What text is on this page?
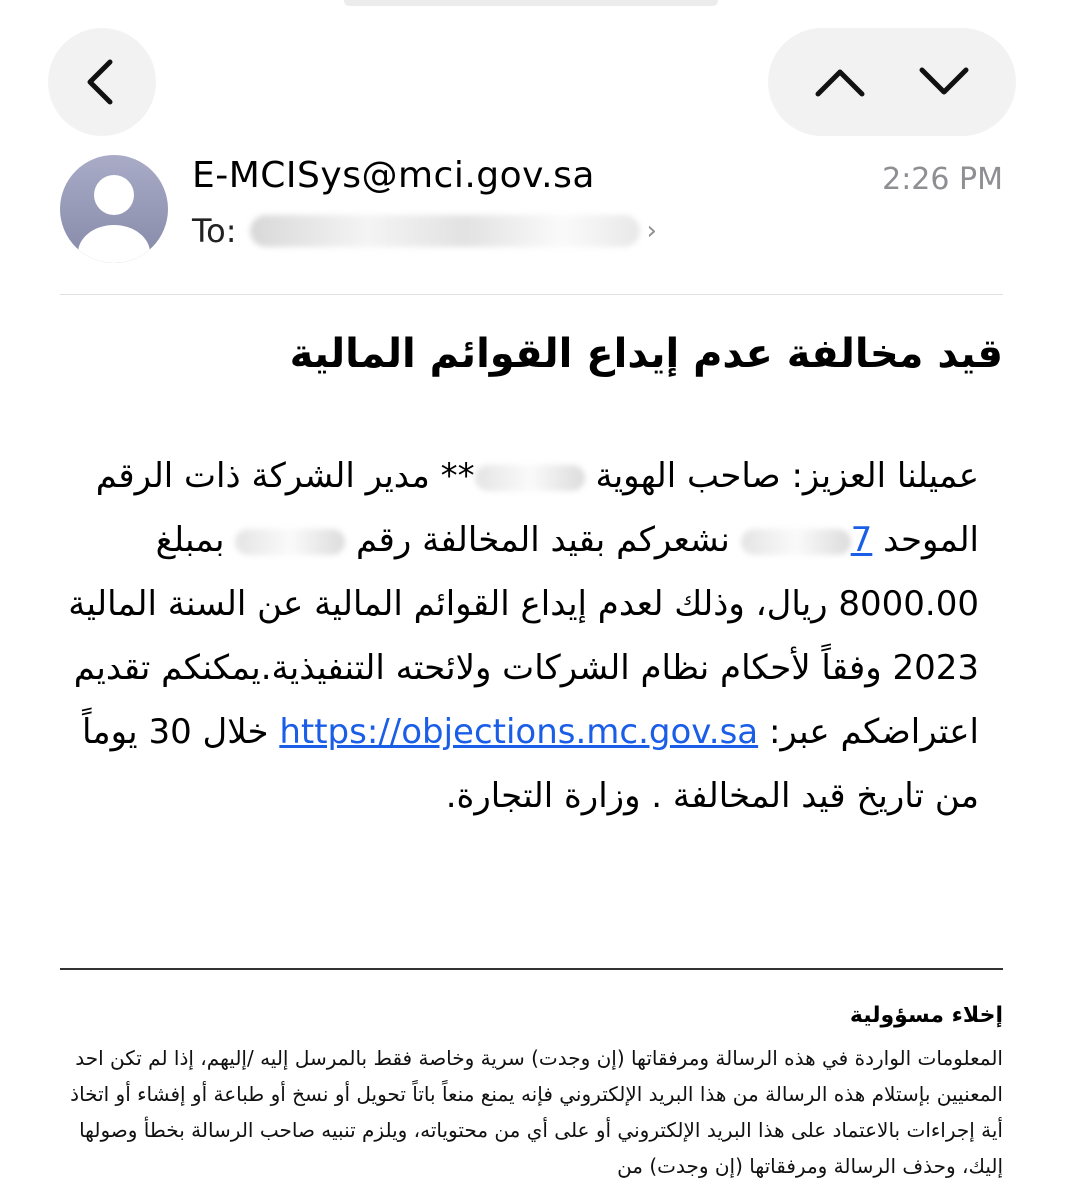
E-MCISys@mci.gov.sa	2:26 PM
To:	›
قيد مخالفة عدم إيداع القوائم المالية

عميلنا العزيز: صاحب الهوية ** مدير الشركة ذات الرقم الموحد 7 نشعركم بقيد المخالفة رقم  بمبلغ 8000.00 ريال، وذلك لعدم إيداع القوائم المالية عن السنة المالية 2023 وفقاً لأحكام نظام الشركات ولائحته التنفيذية.يمكنكم تقديم اعتراضكم عبر: https://objections.mc.gov.sa خلال 30 يوماً من تاريخ قيد المخالفة . وزارة التجارة.

إخلاء مسؤولية

المعلومات الواردة في هذه الرسالة ومرفقاتها (إن وجدت) سرية وخاصة فقط بالمرسل إليه /إليهم، إذا لم تكن احد المعنيين بإستلام هذه الرسالة من هذا البريد الإلكتروني فإنه يمنع منعاً باتاً تحويل أو نسخ أو طباعة أو إفشاء أو اتخاذ أية إجراءات بالاعتماد على هذا البريد الإلكتروني أو على أي من محتوياته، ويلزم تنبيه صاحب الرسالة بخطأ وصولها إليك، وحذف الرسالة ومرفقاتها (إن وجدت) من
